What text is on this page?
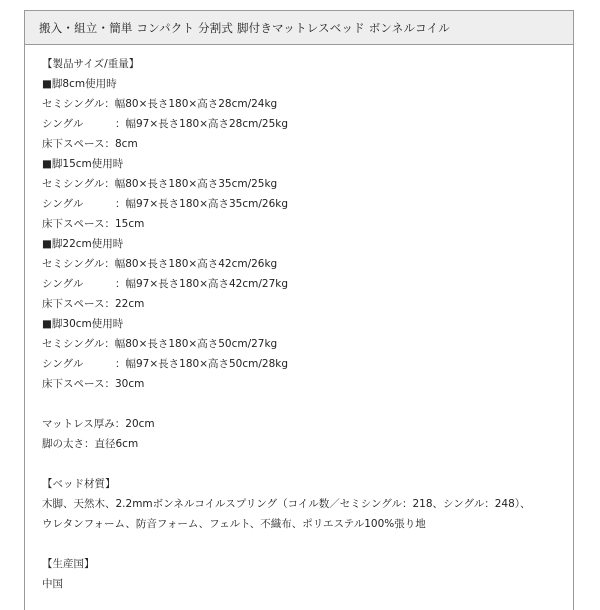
搬入・組立・簡単 コンパクト 分割式 脚付きマットレスベッド ボンネルコイル
【製品サイズ/重量】
■脚8cm使用時
セミシングル：幅80×長さ180×高さ28cm/24kg
シングル	：幅97×長さ180×高さ28cm/25kg
床下スペース：8cm
■脚15cm使用時
セミシングル：幅80×長さ180×高さ35cm/25kg
シングル	：幅97×長さ180×高さ35cm/26kg
床下スペース：15cm
■脚22cm使用時
セミシングル：幅80×長さ180×高さ42cm/26kg
シングル	：幅97×長さ180×高さ42cm/27kg
床下スペース：22cm
■脚30cm使用時
セミシングル：幅80×長さ180×高さ50cm/27kg
シングル	：幅97×長さ180×高さ50cm/28kg
床下スペース：30cm
マットレス厚み：20cm
脚の太さ：直径6cm
【ベッド材質】
木脚、天然木、2.2mmボンネルコイルスプリング（コイル数／セミシングル：218、シングル：248）、
ウレタンフォーム、防音フォーム、フェルト、不織布、ポリエステル100%張り地
【生産国】
中国
